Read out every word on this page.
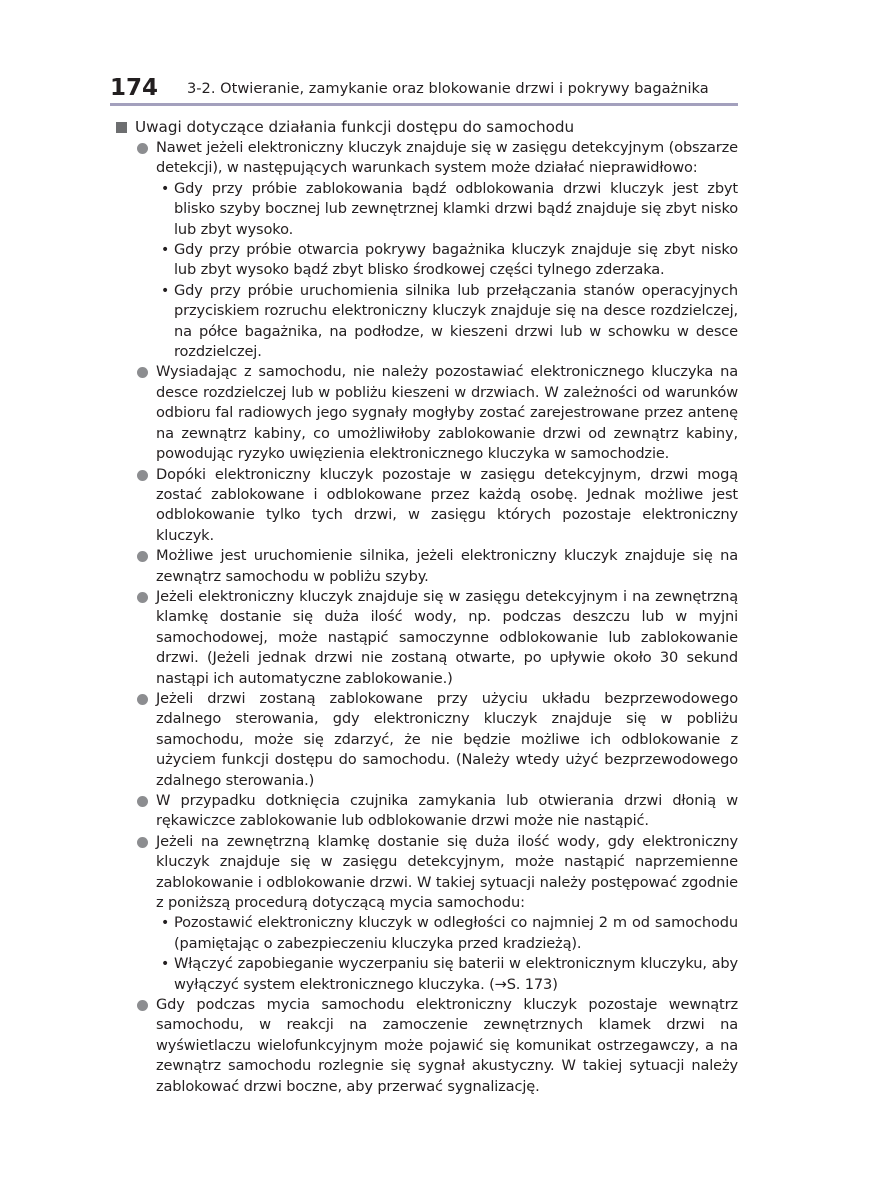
174 3-2. Otwieranie, zamykanie oraz blokowanie drzwi i pokrywy bagażnika
Uwagi dotyczące działania funkcji dostępu do samochodu
Nawet jeżeli elektroniczny kluczyk znajduje się w zasięgu detekcyjnym (obszarze detekcji), w następujących warunkach system może działać nieprawidłowo:
• Gdy przy próbie zablokowania bądź odblokowania drzwi kluczyk jest zbyt blisko szyby bocznej lub zewnętrznej klamki drzwi bądź znajduje się zbyt nisko lub zbyt wysoko.
• Gdy przy próbie otwarcia pokrywy bagażnika kluczyk znajduje się zbyt nisko lub zbyt wysoko bądź zbyt blisko środkowej części tylnego zderzaka.
• Gdy przy próbie uruchomienia silnika lub przełączania stanów operacyjnych przyciskiem rozruchu elektroniczny kluczyk znajduje się na desce rozdzielczej, na półce bagażnika, na podłodze, w kieszeni drzwi lub w schowku w desce rozdzielczej.
Wysiadając z samochodu, nie należy pozostawiać elektronicznego kluczyka na desce rozdzielczej lub w pobliżu kieszeni w drzwiach. W zależności od warunków odbioru fal radiowych jego sygnały mogłyby zostać zarejestrowane przez antenę na zewnątrz kabiny, co umożliwiłoby zablokowanie drzwi od zewnątrz kabiny, powodując ryzyko uwięzienia elektronicznego kluczyka w samochodzie.
Dopóki elektroniczny kluczyk pozostaje w zasięgu detekcyjnym, drzwi mogą zostać zablokowane i odblokowane przez każdą osobę. Jednak możliwe jest odblokowanie tylko tych drzwi, w zasięgu których pozostaje elektroniczny kluczyk.
Możliwe jest uruchomienie silnika, jeżeli elektroniczny kluczyk znajduje się na zewnątrz samochodu w pobliżu szyby.
Jeżeli elektroniczny kluczyk znajduje się w zasięgu detekcyjnym i na zewnętrzną klamkę dostanie się duża ilość wody, np. podczas deszczu lub w myjni samochodowej, może nastąpić samoczynne odblokowanie lub zablokowanie drzwi. (Jeżeli jednak drzwi nie zostaną otwarte, po upływie około 30 sekund nastąpi ich automatyczne zablokowanie.)
Jeżeli drzwi zostaną zablokowane przy użyciu układu bezprzewodowego zdalnego sterowania, gdy elektroniczny kluczyk znajduje się w pobliżu samochodu, może się zdarzyć, że nie będzie możliwe ich odblokowanie z użyciem funkcji dostępu do samochodu. (Należy wtedy użyć bezprzewodowego zdalnego sterowania.)
W przypadku dotknięcia czujnika zamykania lub otwierania drzwi dłonią w rękawiczce zablokowanie lub odblokowanie drzwi może nie nastąpić.
Jeżeli na zewnętrzną klamkę dostanie się duża ilość wody, gdy elektroniczny kluczyk znajduje się w zasięgu detekcyjnym, może nastąpić naprzemienne zablokowanie i odblokowanie drzwi. W takiej sytuacji należy postępować zgodnie z poniższą procedurą dotyczącą mycia samochodu:
• Pozostawić elektroniczny kluczyk w odległości co najmniej 2 m od samochodu (pamiętając o zabezpieczeniu kluczyka przed kradzieżą).
• Włączyć zapobieganie wyczerpaniu się baterii w elektronicznym kluczyku, aby wyłączyć system elektronicznego kluczyka. (→S. 173)
Gdy podczas mycia samochodu elektroniczny kluczyk pozostaje wewnątrz samochodu, w reakcji na zamoczenie zewnętrznych klamek drzwi na wyświetlaczu wielofunkcyjnym może pojawić się komunikat ostrzegawczy, a na zewnątrz samochodu rozlegnie się sygnał akustyczny. W takiej sytuacji należy zablokować drzwi boczne, aby przerwać sygnalizację.
